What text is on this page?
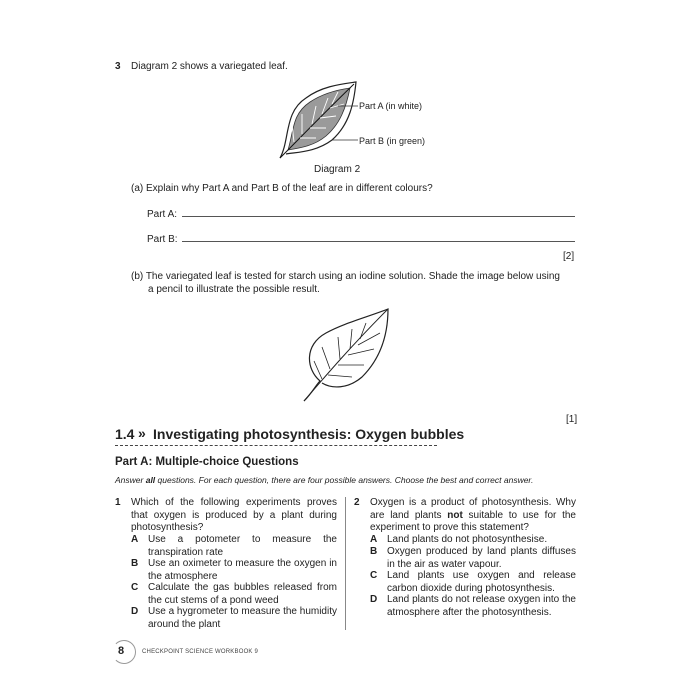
3 Diagram 2 shows a variegated leaf.
Part A (in white)
Part B (in green)
Diagram 2
(a) Explain why Part A and Part B of the leaf are in different colours?
Part A:
Part B:
[2]
(b) The variegated leaf is tested for starch using an iodine solution. Shade the image below using
a pencil to illustrate the possible result.
[1]
1.4 » Investigating photosynthesis: Oxygen bubbles
Part A: Multiple-choice Questions
Answer all questions. For each question, there are four possible answers. Choose the best and correct answer.
1 Which of the following experiments proves that oxygen is produced by a plant during photosynthesis?
A Use a potometer to measure the transpiration rate
B Use an oximeter to measure the oxygen in the atmosphere
C Calculate the gas bubbles released from the cut stems of a pond weed
D Use a hygrometer to measure the humidity around the plant
2 Oxygen is a product of photosynthesis. Why are land plants not suitable to use for the experiment to prove this statement?
A Land plants do not photosynthesise.
B Oxygen produced by land plants diffuses in the air as water vapour.
C Land plants use oxygen and release carbon dioxide during photosynthesis.
D Land plants do not release oxygen into the atmosphere after the photosynthesis.
8	CHECKPOINT SCIENCE WORKBOOK 9
